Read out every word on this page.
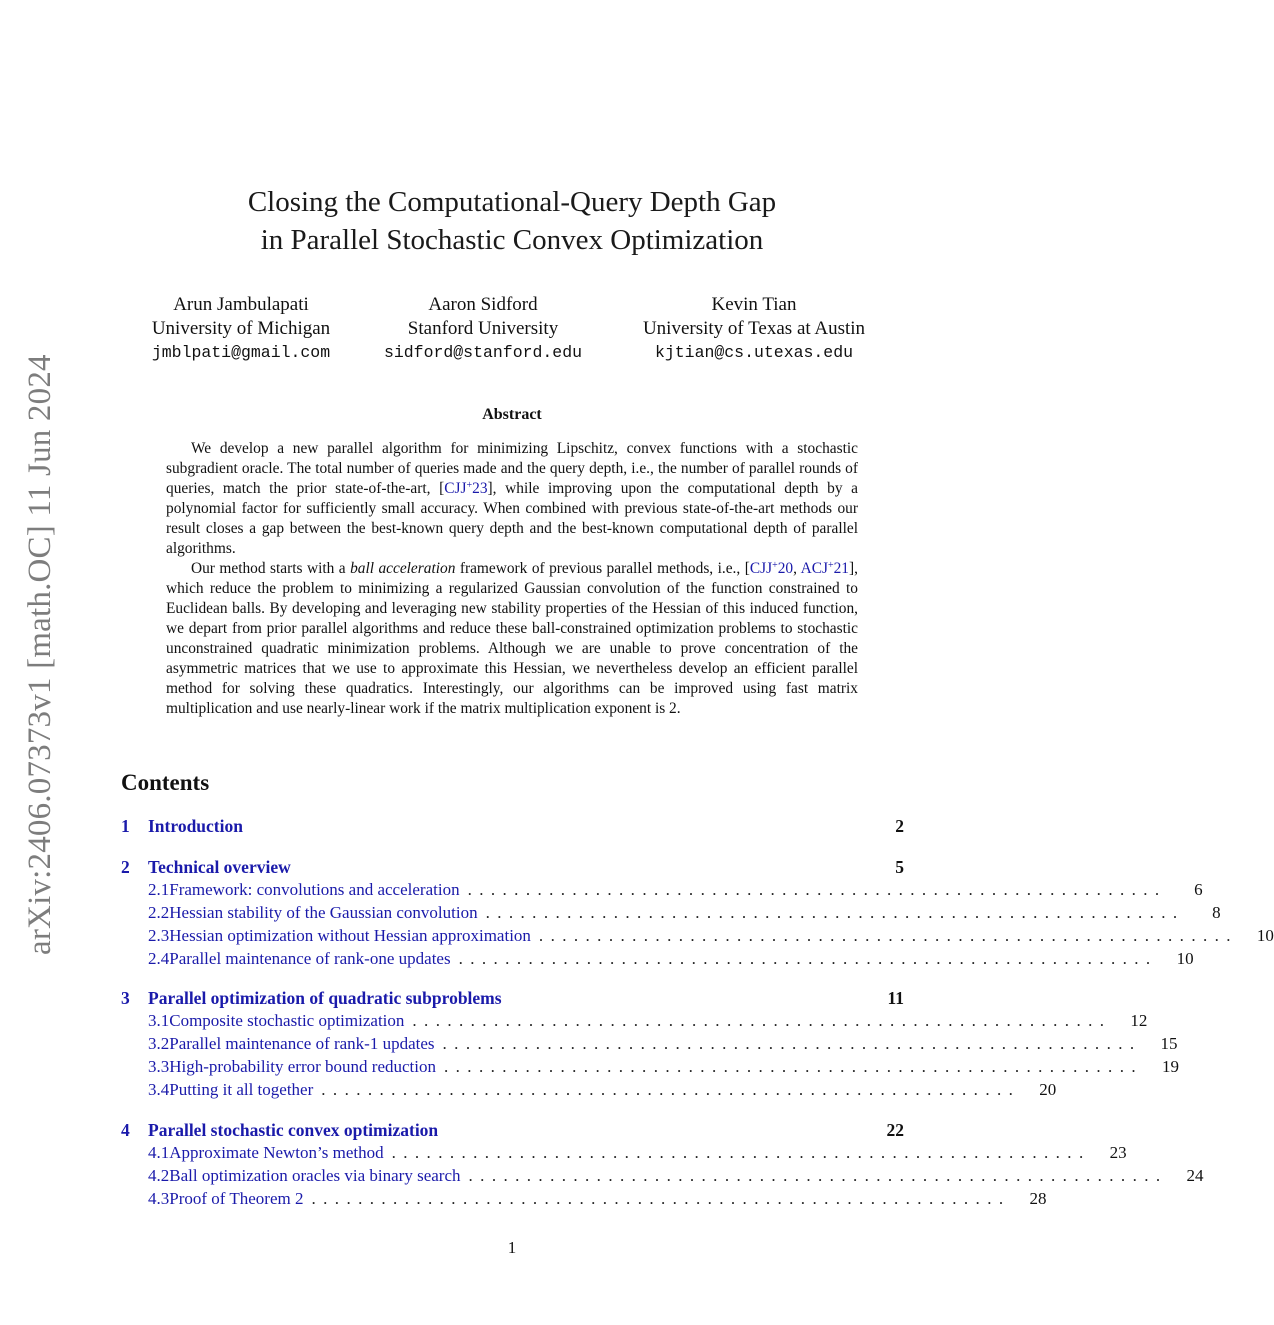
arXiv:2406.07373v1 [math.OC] 11 Jun 2024
Closing the Computational-Query Depth Gap
in Parallel Stochastic Convex Optimization
Arun Jambulapati
University of Michigan
jmblpati@gmail.com
Aaron Sidford
Stanford University
sidford@stanford.edu
Kevin Tian
University of Texas at Austin
kjtian@cs.utexas.edu
Abstract

We develop a new parallel algorithm for minimizing Lipschitz, convex functions with a stochastic subgradient oracle. The total number of queries made and the query depth, i.e., the number of parallel rounds of queries, match the prior state-of-the-art, [CJJ+23], while improving upon the computational depth by a polynomial factor for sufficiently small accuracy. When combined with previous state-of-the-art methods our result closes a gap between the best-known query depth and the best-known computational depth of parallel algorithms.

Our method starts with a ball acceleration framework of previous parallel methods, i.e., [CJJ+20, ACJ+21], which reduce the problem to minimizing a regularized Gaussian convolution of the function constrained to Euclidean balls. By developing and leveraging new stability properties of the Hessian of this induced function, we depart from prior parallel algorithms and reduce these ball-constrained optimization problems to stochastic unconstrained quadratic minimization problems. Although we are unable to prove concentration of the asymmetric matrices that we use to approximate this Hessian, we nevertheless develop an efficient parallel method for solving these quadratics. Interestingly, our algorithms can be improved using fast matrix multiplication and use nearly-linear work if the matrix multiplication exponent is 2.

Contents
1	Introduction	2
2	Technical overview	5
2.1 Framework: convolutions and acceleration ............................................................	6
2.2 Hessian stability of the Gaussian convolution ............................................................	8
2.3 Hessian optimization without Hessian approximation ............................................................ 10
2.4 Parallel maintenance of rank-one updates ............................................................ 10
3	Parallel optimization of quadratic subproblems	11
3.1 Composite stochastic optimization ............................................................ 12
3.2 Parallel maintenance of rank-1 updates ............................................................ 15
3.3 High-probability error bound reduction ............................................................ 19
3.4 Putting it all together ............................................................ 20
4	Parallel stochastic convex optimization	22
4.1 Approximate Newton’s method ............................................................ 23
4.2 Ball optimization oracles via binary search ............................................................ 24
4.3 Proof of Theorem 2 ............................................................ 28
1
